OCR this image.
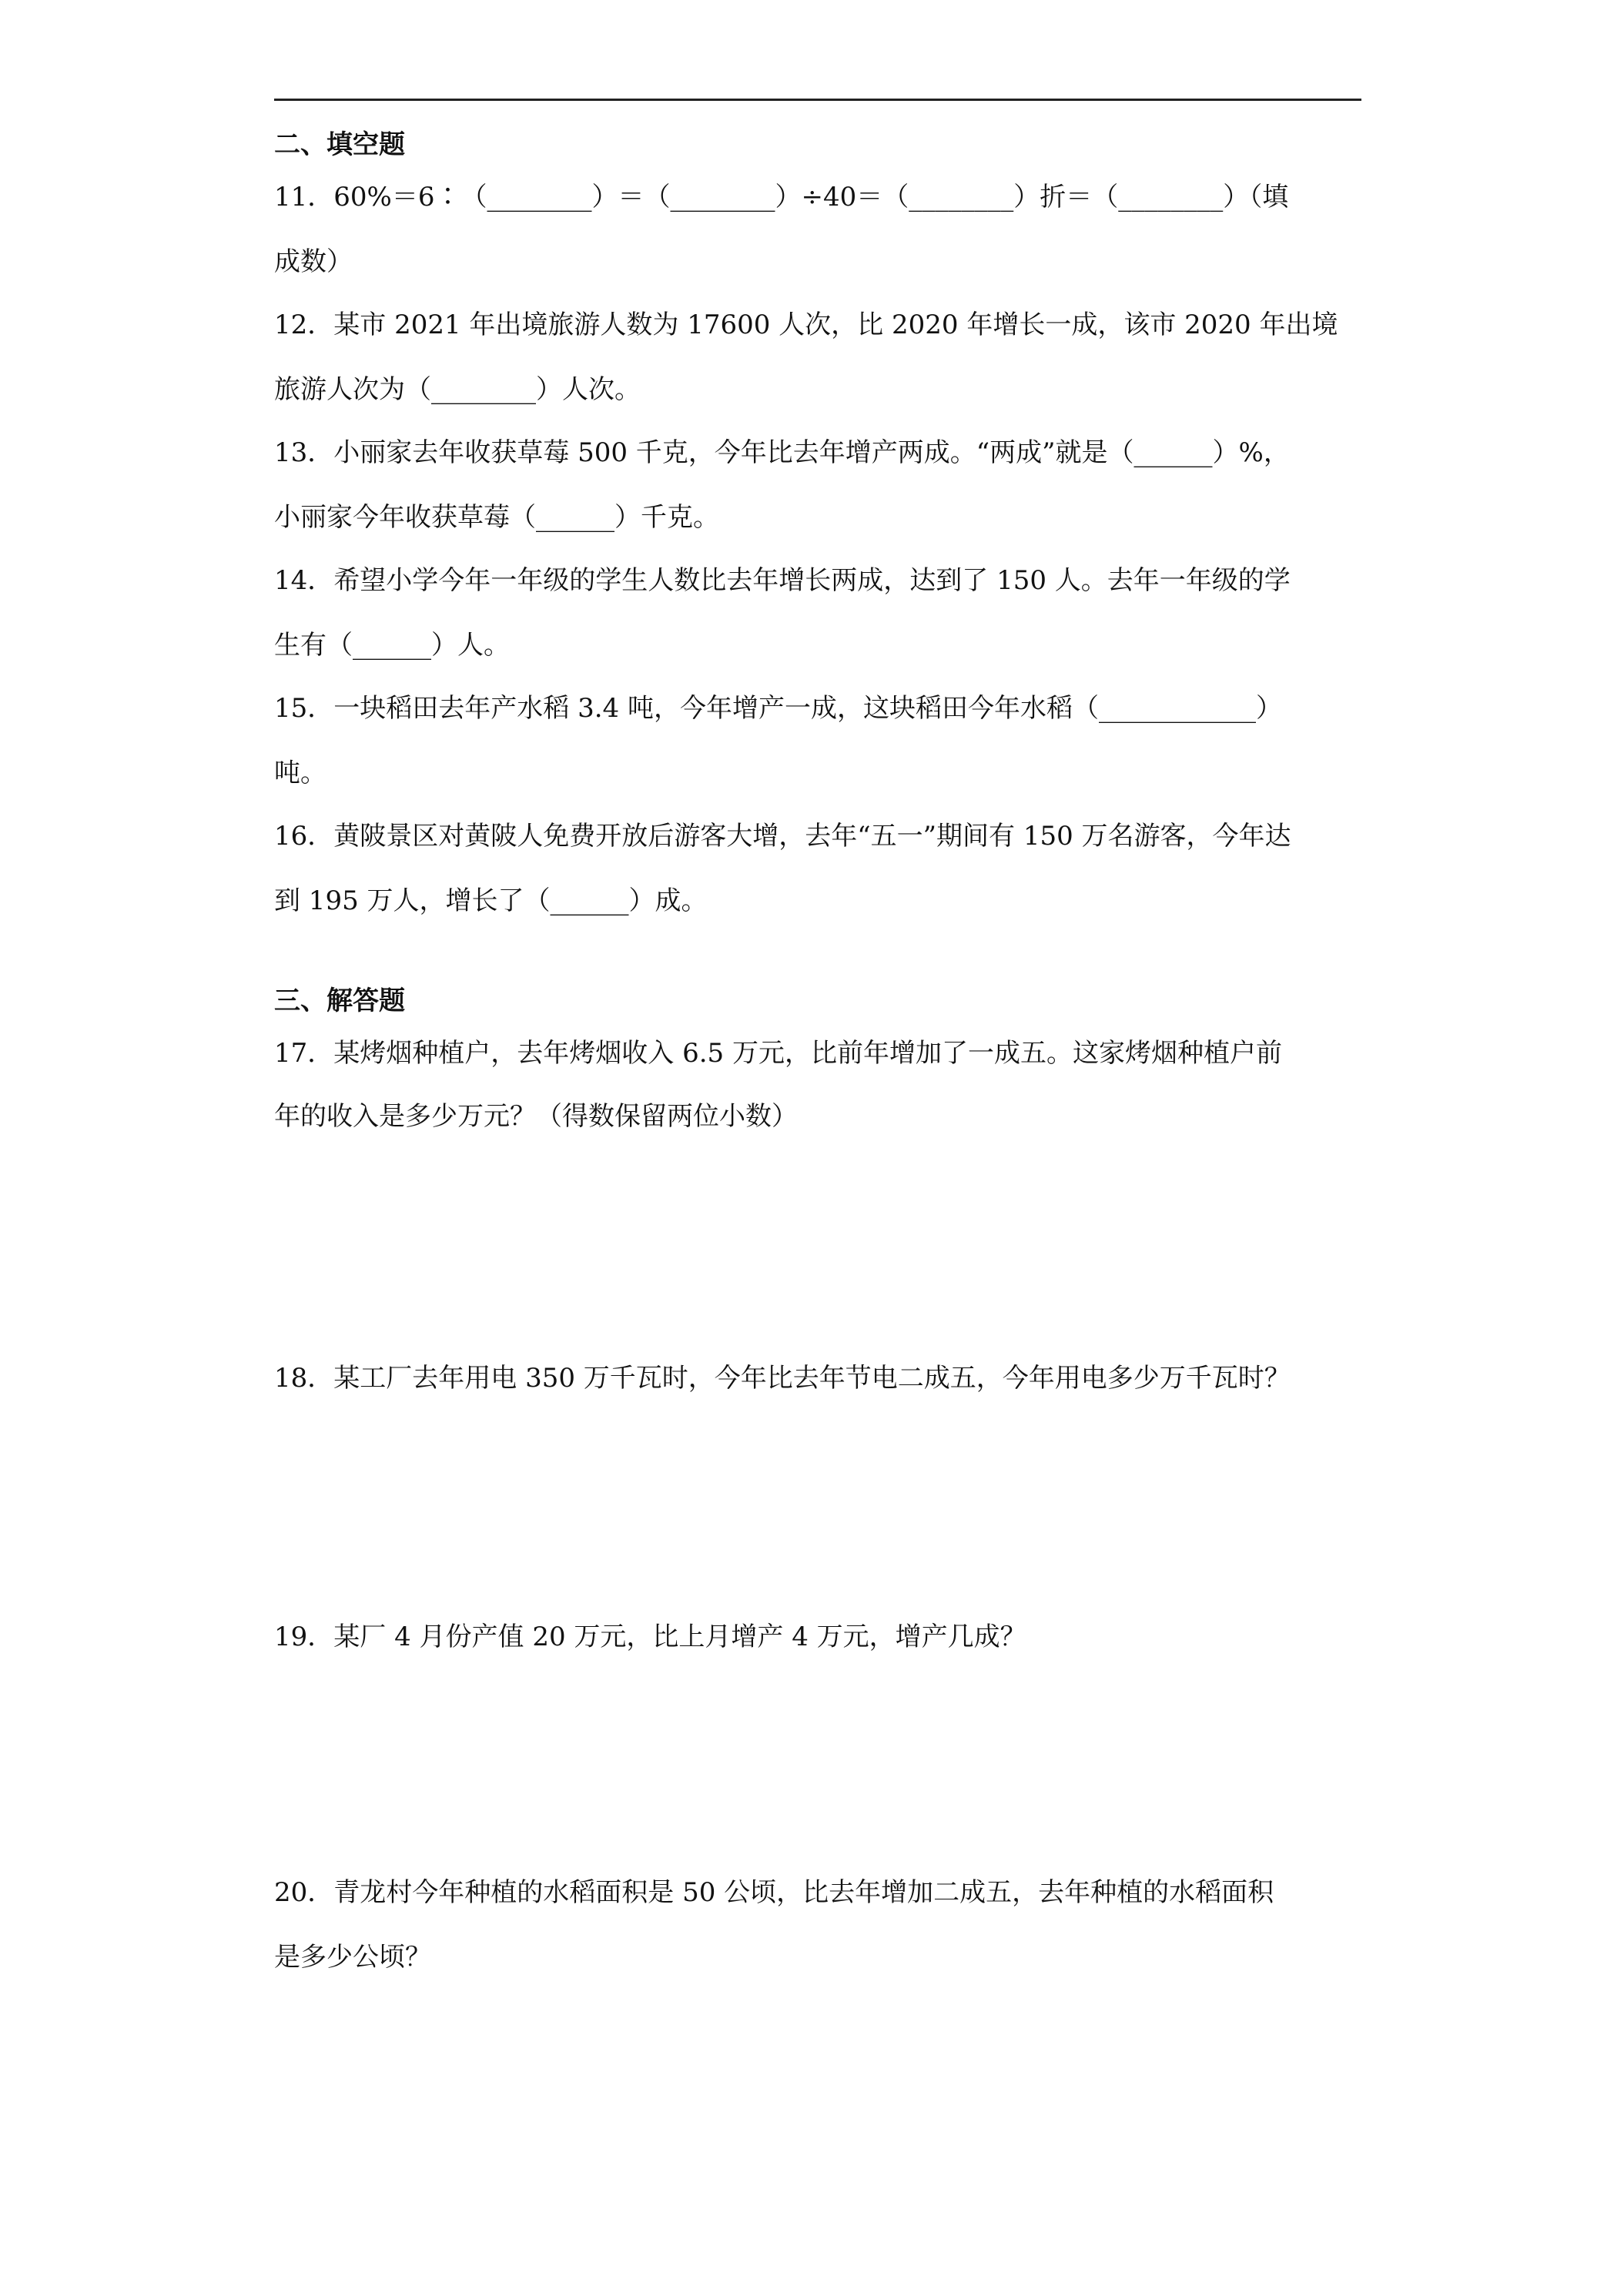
二、填空题
11．60%＝6∶（________）＝（________）÷40＝（________）折＝（________）（填
成数）
12．某市 2021 年出境旅游人数为 17600 人次，比 2020 年增长一成，该市 2020 年出境
旅游人次为（________）人次。
13．小丽家去年收获草莓 500 千克，今年比去年增产两成。“两成”就是（______）%，
小丽家今年收获草莓（______）千克。
14．希望小学今年一年级的学生人数比去年增长两成，达到了 150 人。去年一年级的学
生有（______）人。
15．一块稻田去年产水稻 3.4 吨，今年增产一成，这块稻田今年水稻（____________）
吨。
16．黄陂景区对黄陂人免费开放后游客大增，去年“五一”期间有 150 万名游客，今年达
到 195 万人，增长了（______）成。
三、解答题
17．某烤烟种植户，去年烤烟收入 6.5 万元，比前年增加了一成五。这家烤烟种植户前
年的收入是多少万元？（得数保留两位小数）
18．某工厂去年用电 350 万千瓦时，今年比去年节电二成五，今年用电多少万千瓦时？
19．某厂 4 月份产值 20 万元，比上月增产 4 万元，增产几成？
20．青龙村今年种植的水稻面积是 50 公顷，比去年增加二成五，去年种植的水稻面积
是多少公顷？
